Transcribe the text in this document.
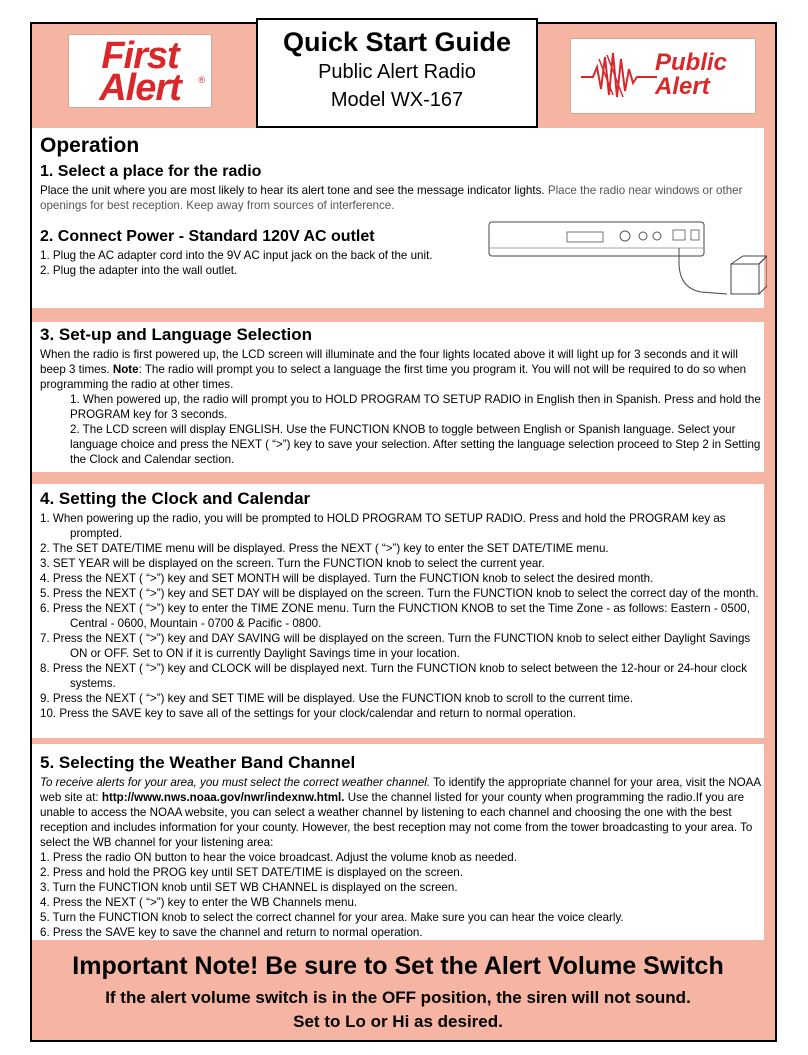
First
Alert	®
Quick Start Guide
Public Alert Radio
Model WX-167
Public
Alert
Operation
1. Select a place for the radio

Place the unit where you are most likely to hear its alert tone and see the message indicator lights. Place the radio near windows or other openings for best reception. Keep away from sources of interference.

2. Connect Power - Standard 120V AC outlet

1. Plug the AC adapter cord into the 9V AC input jack on the back of the unit.

2. Plug the adapter into the wall outlet.

3. Set-up and Language Selection

When the radio is first powered up, the LCD screen will illuminate and the four lights located above it will light up for 3 seconds and it will beep 3 times. Note: The radio will prompt you to select a language the first time you program it. You will not will be required to do so when programming the radio at other times.

1. When powered up, the radio will prompt you to HOLD PROGRAM TO SETUP RADIO in English then in Spanish. Press and hold the PROGRAM key for 3 seconds.

2. The LCD screen will display ENGLISH. Use the FUNCTION KNOB to toggle between English or Spanish language. Select your language choice and press the NEXT ( “>”) key to save your selection. After setting the language selection proceed to Step 2 in Setting the Clock and Calendar section.

4. Setting the Clock and Calendar
1. When powering up the radio, you will be prompted to HOLD PROGRAM TO SETUP RADIO. Press and hold the PROGRAM key as prompted.
2. The SET DATE/TIME menu will be displayed. Press the NEXT ( “>”) key to enter the SET DATE/TIME menu.
3. SET YEAR will be displayed on the screen. Turn the FUNCTION knob to select the current year.
4. Press the NEXT ( “>”) key and SET MONTH will be displayed. Turn the FUNCTION knob to select the desired month.
5. Press the NEXT ( “>”) key and SET DAY will be displayed on the screen. Turn the FUNCTION knob to select the correct day of the month.
6. Press the NEXT ( “>”) key to enter the TIME ZONE menu. Turn the FUNCTION KNOB to set the Time Zone - as follows: Eastern - 0500, Central - 0600, Mountain - 0700 & Pacific - 0800.
7. Press the NEXT ( “>”) key and DAY SAVING will be displayed on the screen. Turn the FUNCTION knob to select either Daylight Savings ON or OFF. Set to ON if it is currently Daylight Savings time in your location.
8. Press the NEXT ( “>”) key and CLOCK will be displayed next. Turn the FUNCTION knob to select between the 12-hour or 24-hour clock systems.
9. Press the NEXT ( “>”) key and SET TIME will be displayed. Use the FUNCTION knob to scroll to the current time.
10. Press the SAVE key to save all of the settings for your clock/calendar and return to normal operation.
5. Selecting the Weather Band Channel

To receive alerts for your area, you must select the correct weather channel. To identify the appropriate channel for your area, visit the NOAA web site at: http://www.nws.noaa.gov/nwr/indexnw.html. Use the channel listed for your county when programming the radio.If you are unable to access the NOAA website, you can select a weather channel by listening to each channel and choosing the one with the best reception and includes information for your county. However, the best reception may not come from the tower broadcasting to your area. To select the WB channel for your listening area:

1. Press the radio ON button to hear the voice broadcast. Adjust the volume knob as needed.
2. Press and hold the PROG key until SET DATE/TIME is displayed on the screen.
3. Turn the FUNCTION knob until SET WB CHANNEL is displayed on the screen.
4. Press the NEXT ( “>”) key to enter the WB Channels menu.
5. Turn the FUNCTION knob to select the correct channel for your area. Make sure you can hear the voice clearly.
6. Press the SAVE key to save the channel and return to normal operation.
Important Note! Be sure to Set the Alert Volume Switch
If the alert volume switch is in the OFF position, the siren will not sound.
Set to Lo or Hi as desired.
